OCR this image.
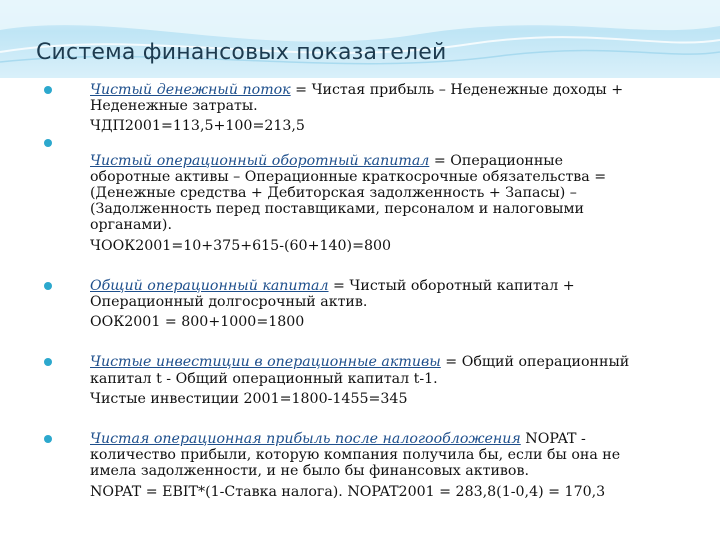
Система финансовых показателей
Чистый денежный поток = Чистая прибыль – Неденежные доходы +
Неденежные затраты.
ЧДП2001=113,5+100=213,5
Чистый операционный оборотный капитал = Операционные
оборотные активы – Операционные краткосрочные обязательства =
(Денежные средства + Дебиторская задолженность + Запасы) –
(Задолженность перед поставщиками, персоналом и налоговыми
органами).
ЧООК2001=10+375+615-(60+140)=800
Общий операционный капитал = Чистый оборотный капитал +
Операционный долгосрочный актив.
ООК2001 = 800+1000=1800
Чистые инвестиции в операционные активы = Общий операционный
капитал t - Общий операционный капитал t-1.
Чистые инвестиции 2001=1800-1455=345
Чистая операционная прибыль после налогообложения NOPAT -
количество прибыли, которую компания получила бы, если бы она не
имела задолженности, и не было бы финансовых активов.
NOPAT = EBIT*(1-Ставка налога). NOPAT2001 = 283,8(1-0,4) = 170,3
